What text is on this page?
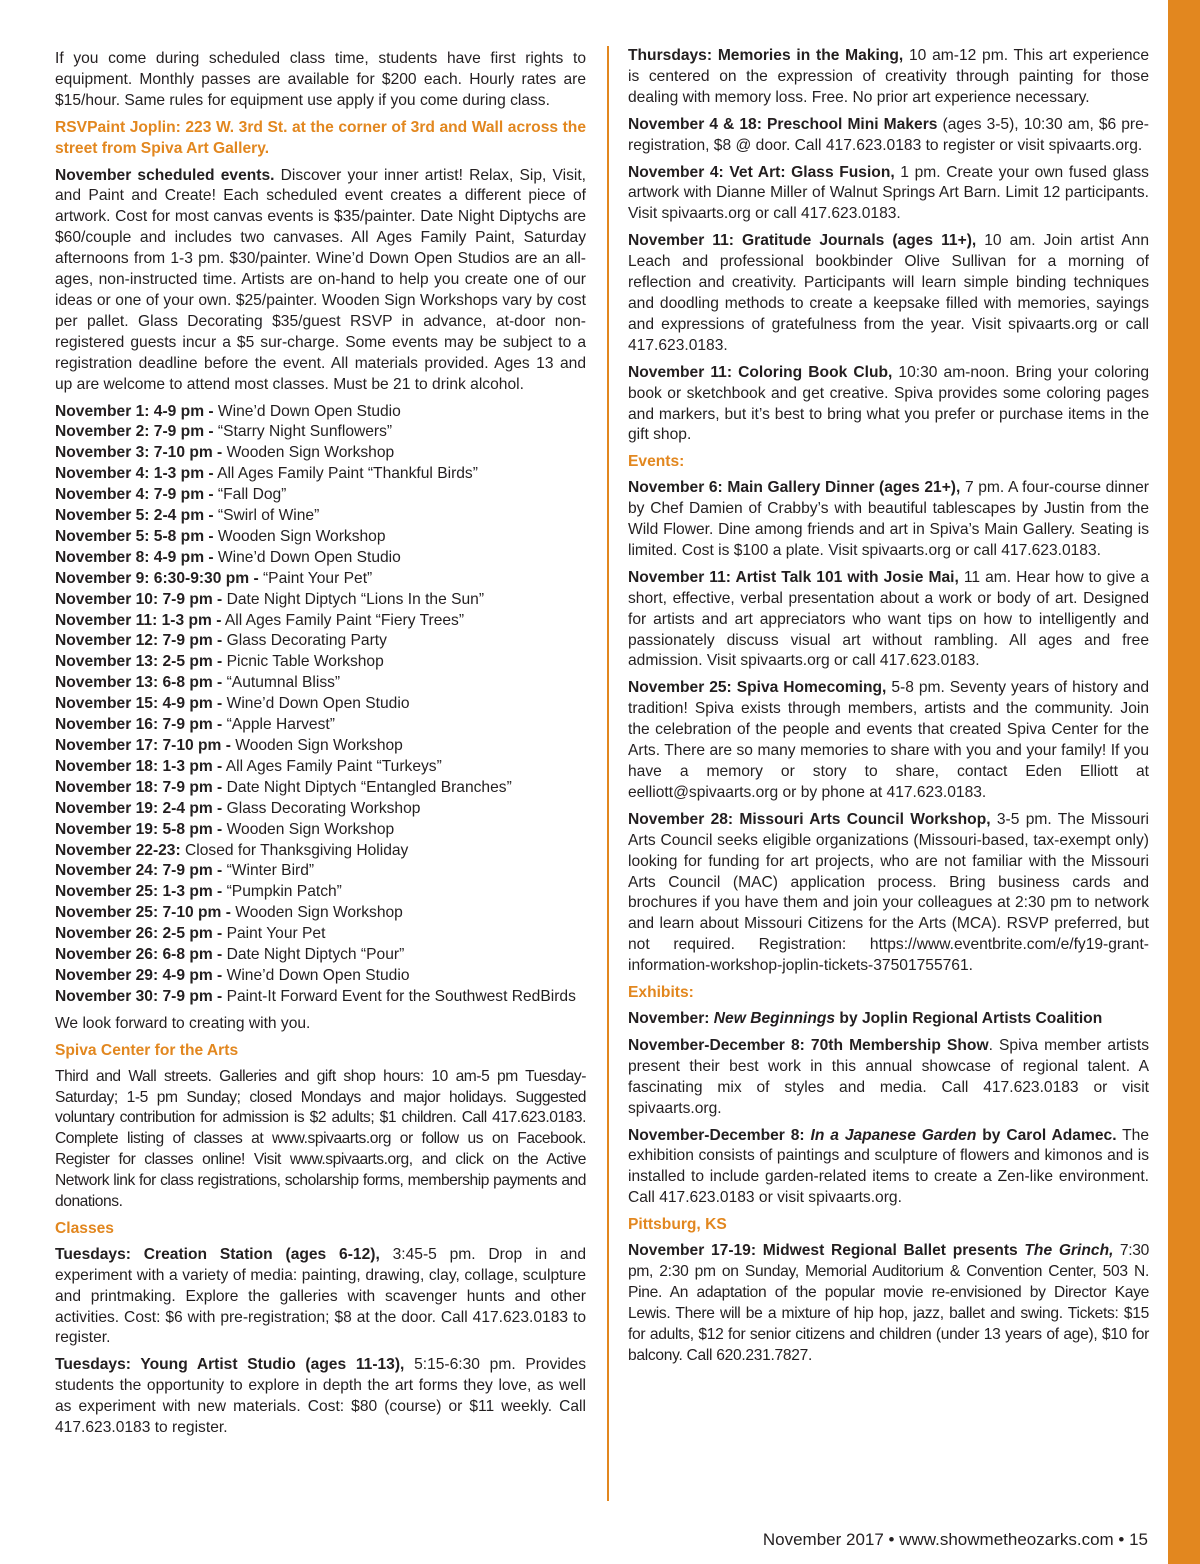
If you come during scheduled class time, students have first rights to equipment. Monthly passes are available for $200 each. Hourly rates are $15/hour. Same rules for equipment use apply if you come during class.

RSVPaint Joplin: 223 W. 3rd St. at the corner of 3rd and Wall across the street from Spiva Art Gallery.

November scheduled events. Discover your inner artist! Relax, Sip, Visit, and Paint and Create! Each scheduled event creates a different piece of artwork. Cost for most canvas events is $35/painter. Date Night Diptychs are $60/couple and includes two canvases. All Ages Family Paint, Saturday afternoons from 1-3 pm. $30/painter. Wine’d Down Open Studios are an all-ages, non-instructed time. Artists are on-hand to help you create one of our ideas or one of your own. $25/painter. Wooden Sign Workshops vary by cost per pallet. Glass Decorating $35/guest RSVP in advance, at-door non-registered guests incur a $5 sur-charge. Some events may be subject to a registration deadline before the event. All materials provided. Ages 13 and up are welcome to attend most classes. Must be 21 to drink alcohol.

November 1: 4-9 pm - Wine’d Down Open Studio
November 2: 7-9 pm - “Starry Night Sunflowers”
November 3: 7-10 pm - Wooden Sign Workshop
November 4: 1-3 pm - All Ages Family Paint “Thankful Birds”
November 4: 7-9 pm - “Fall Dog”
November 5: 2-4 pm - “Swirl of Wine”
November 5: 5-8 pm - Wooden Sign Workshop
November 8: 4-9 pm - Wine’d Down Open Studio
November 9: 6:30-9:30 pm - “Paint Your Pet”
November 10: 7-9 pm - Date Night Diptych “Lions In the Sun”
November 11: 1-3 pm - All Ages Family Paint “Fiery Trees”
November 12: 7-9 pm - Glass Decorating Party
November 13: 2-5 pm - Picnic Table Workshop
November 13: 6-8 pm - “Autumnal Bliss”
November 15: 4-9 pm - Wine’d Down Open Studio
November 16: 7-9 pm - “Apple Harvest”
November 17: 7-10 pm - Wooden Sign Workshop
November 18: 1-3 pm - All Ages Family Paint “Turkeys”
November 18: 7-9 pm - Date Night Diptych “Entangled Branches”
November 19: 2-4 pm - Glass Decorating Workshop
November 19: 5-8 pm - Wooden Sign Workshop
November 22-23: Closed for Thanksgiving Holiday
November 24: 7-9 pm - “Winter Bird”
November 25: 1-3 pm - “Pumpkin Patch”
November 25: 7-10 pm - Wooden Sign Workshop
November 26: 2-5 pm - Paint Your Pet
November 26: 6-8 pm - Date Night Diptych “Pour”
November 29: 4-9 pm - Wine’d Down Open Studio
November 30: 7-9 pm - Paint-It Forward Event for the Southwest RedBirds

We look forward to creating with you.

Spiva Center for the Arts

Third and Wall streets. Galleries and gift shop hours: 10 am-5 pm Tuesday-Saturday; 1-5 pm Sunday; closed Mondays and major holidays. Suggested voluntary contribution for admission is $2 adults; $1 children. Call 417.623.0183. Complete listing of classes at www.spivaarts.org or follow us on Facebook. Register for classes online! Visit www.spivaarts.org, and click on the Active Network link for class registrations, scholarship forms, membership payments and donations.

Classes

Tuesdays: Creation Station (ages 6-12), 3:45-5 pm. Drop in and experiment with a variety of media: painting, drawing, clay, collage, sculpture and printmaking. Explore the galleries with scavenger hunts and other activities. Cost: $6 with pre-registration; $8 at the door. Call 417.623.0183 to register.

Tuesdays: Young Artist Studio (ages 11-13), 5:15-6:30 pm. Provides students the opportunity to explore in depth the art forms they love, as well as experiment with new materials. Cost: $80 (course) or $11 weekly. Call 417.623.0183 to register.

Thursdays: Memories in the Making, 10 am-12 pm. This art experience is centered on the expression of creativity through painting for those dealing with memory loss. Free. No prior art experience necessary.

November 4 & 18: Preschool Mini Makers (ages 3-5), 10:30 am, $6 pre-registration, $8 @ door. Call 417.623.0183 to register or visit spivaarts.org.

November 4: Vet Art: Glass Fusion, 1 pm. Create your own fused glass artwork with Dianne Miller of Walnut Springs Art Barn. Limit 12 participants. Visit spivaarts.org or call 417.623.0183.

November 11: Gratitude Journals (ages 11+), 10 am. Join artist Ann Leach and professional bookbinder Olive Sullivan for a morning of reflection and creativity. Participants will learn simple binding techniques and doodling methods to create a keepsake filled with memories, sayings and expressions of gratefulness from the year. Visit spivaarts.org or call 417.623.0183.

November 11: Coloring Book Club, 10:30 am-noon. Bring your coloring book or sketchbook and get creative. Spiva provides some coloring pages and markers, but it’s best to bring what you prefer or purchase items in the gift shop.

Events:

November 6: Main Gallery Dinner (ages 21+), 7 pm. A four-course dinner by Chef Damien of Crabby’s with beautiful tablescapes by Justin from the Wild Flower. Dine among friends and art in Spiva’s Main Gallery. Seating is limited. Cost is $100 a plate. Visit spivaarts.org or call 417.623.0183.

November 11: Artist Talk 101 with Josie Mai, 11 am. Hear how to give a short, effective, verbal presentation about a work or body of art. Designed for artists and art appreciators who want tips on how to intelligently and passionately discuss visual art without rambling. All ages and free admission. Visit spivaarts.org or call 417.623.0183.

November 25: Spiva Homecoming, 5-8 pm. Seventy years of history and tradition! Spiva exists through members, artists and the community. Join the celebration of the people and events that created Spiva Center for the Arts. There are so many memories to share with you and your family! If you have a memory or story to share, contact Eden Elliott at eelliott@spivaarts.org or by phone at 417.623.0183.

November 28: Missouri Arts Council Workshop, 3-5 pm. The Missouri Arts Council seeks eligible organizations (Missouri-based, tax-exempt only) looking for funding for art projects, who are not familiar with the Missouri Arts Council (MAC) application process. Bring business cards and brochures if you have them and join your colleagues at 2:30 pm to network and learn about Missouri Citizens for the Arts (MCA). RSVP preferred, but not required. Registration: https://www.eventbrite.com/e/fy19-grant-information-workshop-joplin-tickets-37501755761.

Exhibits:

November: New Beginnings by Joplin Regional Artists Coalition

November-December 8: 70th Membership Show. Spiva member artists present their best work in this annual showcase of regional talent. A fascinating mix of styles and media. Call 417.623.0183 or visit spivaarts.org.

November-December 8: In a Japanese Garden by Carol Adamec. The exhibition consists of paintings and sculpture of flowers and kimonos and is installed to include garden-related items to create a Zen-like environment. Call 417.623.0183 or visit spivaarts.org.

Pittsburg, KS

November 17-19: Midwest Regional Ballet presents The Grinch, 7:30 pm, 2:30 pm on Sunday, Memorial Auditorium & Convention Center, 503 N. Pine. An adaptation of the popular movie re-envisioned by Director Kaye Lewis. There will be a mixture of hip hop, jazz, ballet and swing. Tickets: $15 for adults, $12 for senior citizens and children (under 13 years of age), $10 for balcony. Call 620.231.7827.

November 2017 • www.showmetheozarks.com • 15
